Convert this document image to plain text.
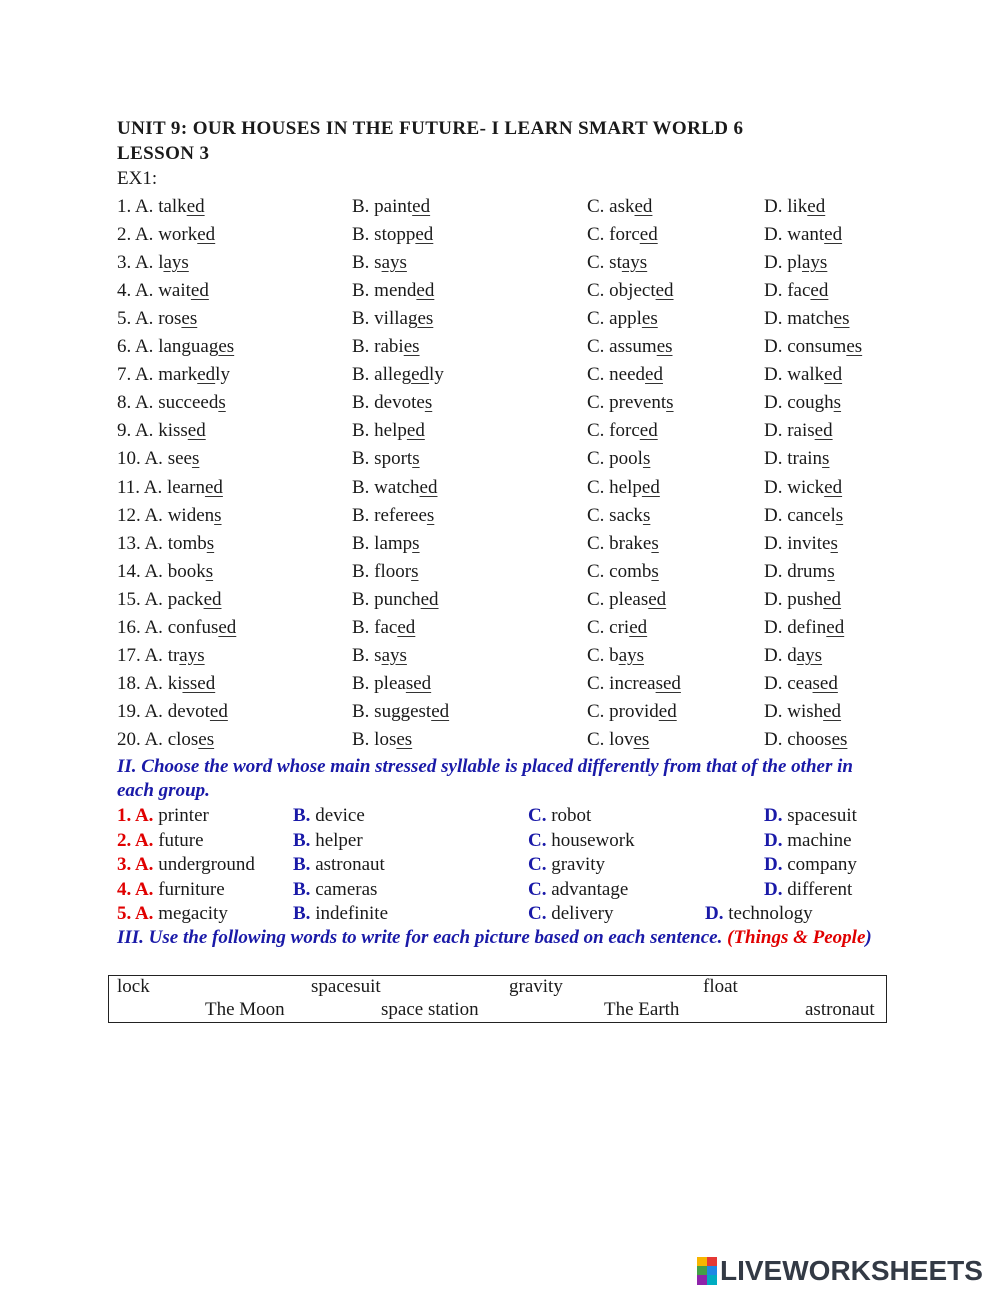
UNIT 9: OUR HOUSES IN THE FUTURE- I LEARN SMART WORLD 6
LESSON 3
EX1:
1. A. talked	B. painted	C. asked	D. liked
2. A. worked	B. stopped	C. forced	D. wanted
3. A. lays	B. says	C. stays	D. plays
4. A. waited	B. mended	C. objected	D. faced
5. A. roses	B. villages	C. apples	D. matches
6. A. languages	B. rabies	C. assumes	D. consumes
7. A. markedly	B. allegedly	C. needed	D. walked
8. A. succeeds	B. devotes	C. prevents	D. coughs
9. A. kissed	B. helped	C. forced	D. raised
10. A. sees	B. sports	C. pools	D. trains
11. A. learned	B. watched	C. helped	D. wicked
12. A. widens	B. referees	C. sacks	D. cancels
13. A. tombs	B. lamps	C. brakes	D. invites
14. A. books	B. floors	C. combs	D. drums
15. A. packed	B. punched	C. pleased	D. pushed
16. A. confused	B. faced	C. cried	D. defined
17. A. trays	B. says	C. bays	D. days
18. A. kissed	B. pleased	C. increased	D. ceased
19. A. devoted	B. suggested	C. provided	D. wished
20. A. closes	B. loses	C. loves	D. chooses
II. Choose the word whose main stressed syllable is placed differently from that of the other in each group.
1. A. printer	B. device	C. robot	D. spacesuit
2. A. future	B. helper	C. housework	D. machine
3. A. underground B. astronaut	C. gravity	D. company
4. A. furniture	B. cameras	C. advantage	D. different
5. A. megacity	B. indefinite	C. delivery	D. technology
III. Use the following words to write for each picture based on each sentence. (Things & People)
lock	spacesuit	gravity	float
The Moon	space station	The Earth	astronaut
LIVEWORKSHEETS
